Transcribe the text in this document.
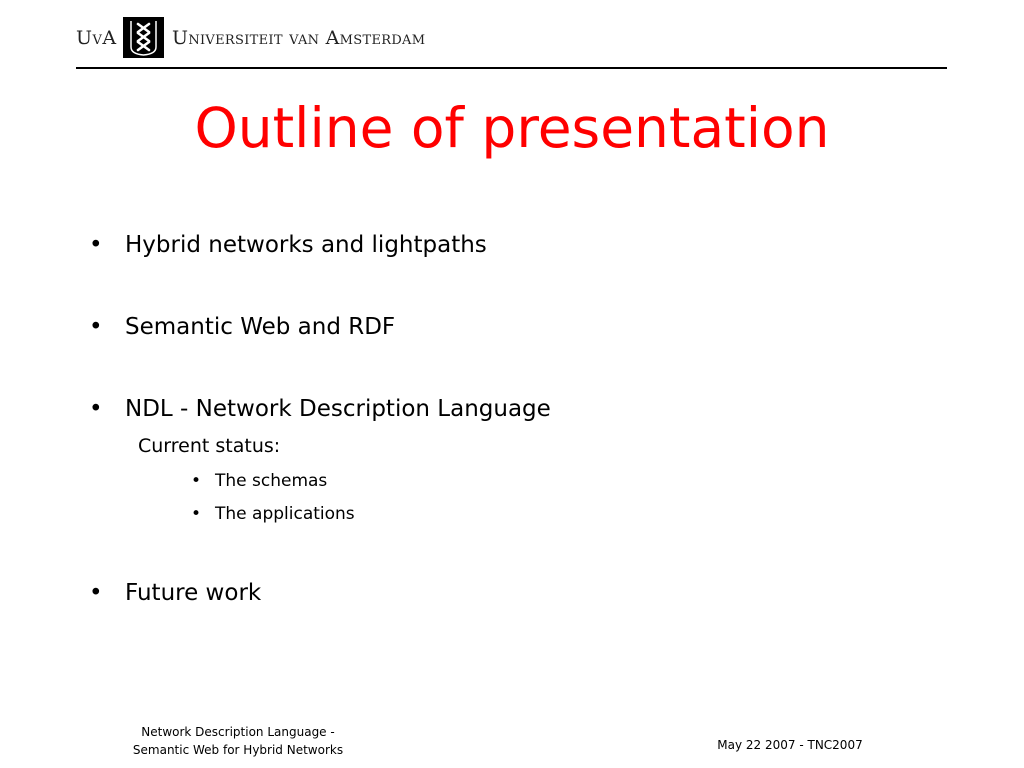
UvA	Universiteit van Amsterdam
Outline of presentation
• Hybrid networks and lightpaths
• Semantic Web and RDF
• NDL - Network Description Language
Current status:
• The schemas
• The applications
• Future work
Network Description Language -
Semantic Web for Hybrid Networks	May 22 2007 - TNC2007
